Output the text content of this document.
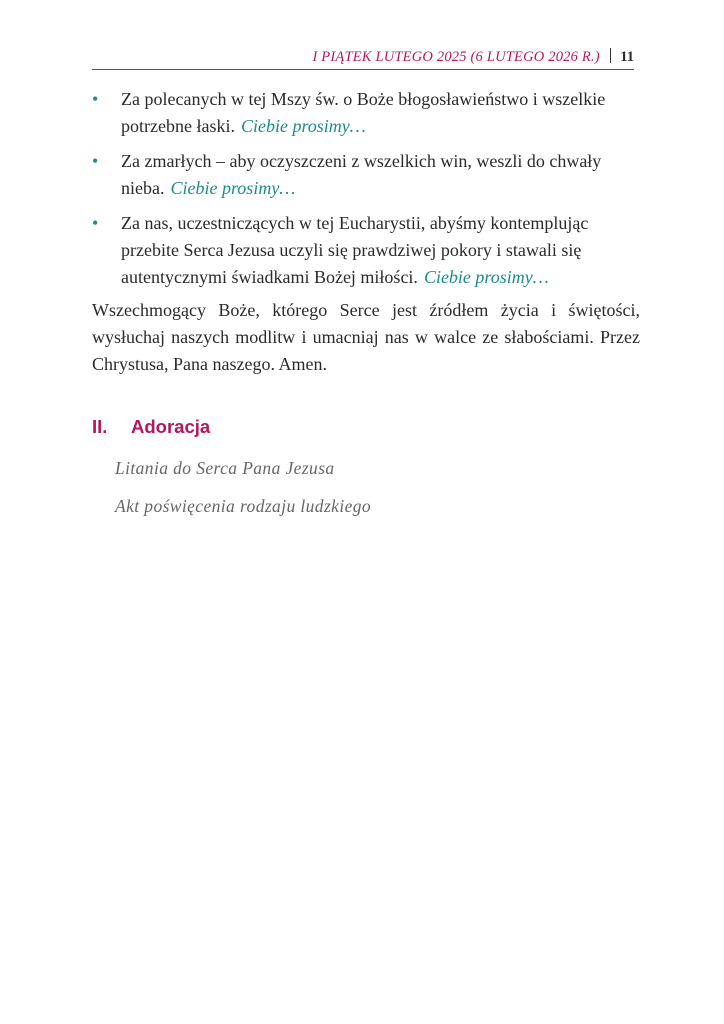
I PIĄTEK LUTEGO 2025 (6 LUTEGO 2026 R.) 11
• Za polecanych w tej Mszy św. o Boże błogosławieństwo i wszelkie potrzebne łaski. Ciebie prosimy…
• Za zmarłych – aby oczyszczeni z wszelkich win, weszli do chwały nieba. Ciebie prosimy…
• Za nas, uczestniczących w tej Eucharystii, abyśmy kontemplując przebite Serca Jezusa uczyli się prawdziwej pokory i stawali się autentycznymi świadkami Bożej miłości. Ciebie prosimy…

Wszechmogący Boże, którego Serce jest źródłem życia i świętości, wysłuchaj naszych modlitw i umacniaj nas w walce ze słabościami. Przez Chrystusa, Pana naszego. Amen.

II. Adoracja
Litania do Serca Pana Jezusa
Akt poświęcenia rodzaju ludzkiego
